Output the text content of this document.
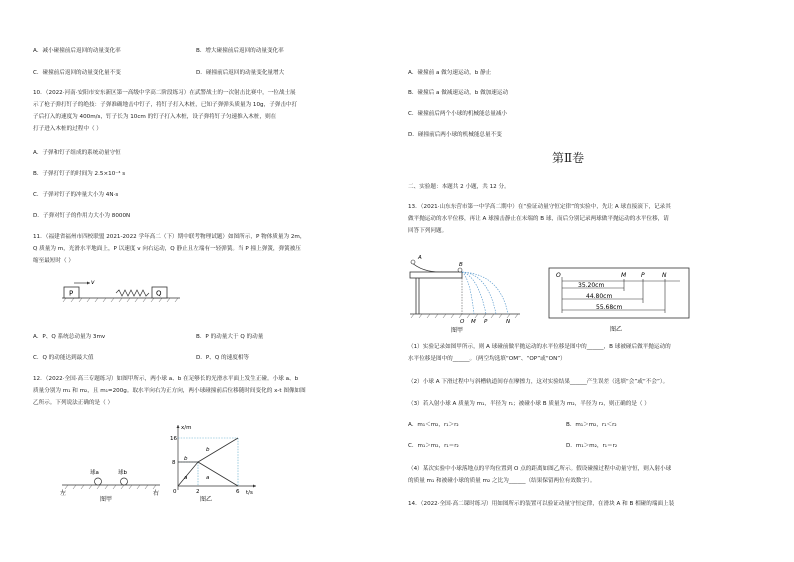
A．减小碰撞前后返回的动量变化率	B．增大碰撞前后返回的动量变化率
C．碰撞前后返回的动量变化量不变	D．碰撞前后返回的动量变化量增大
10．（2022·河南·安阳市安东新区第一高级中学高二阶段练习）在武警战士的一次射击比赛中，一位战士展
示了枪子弹打钉子的绝技：子弹准确地击中钉子，将钉子打入木桩，已知子弹弹头质量为 10g，子弹击中打
子后打入的速度为 400m/s，钉子长为 10cm 的钉子打入木桩，设子弹将钉子匀速推入木桩，则在
打子进入木桩的过程中（ ）
A．子弹和钉子组成的系统动量守恒
B．子弹打钉子的时间为 2.5×10⁻⁴ s
C．子弹对钉子的冲量大小为 4N·s
D．子弹对钉子的作用力大小为 8000N
11．（福建省福州市四校联盟 2021-2022 学年高二（下）期中联考物理试题）如图所示，P 物体质量为 2m，
Q 质量为 m，光滑水平地面上，P 以速度 v 向右运动，Q 静止且左端有一轻弹簧。当 P 撞上弹簧，弹簧被压
缩至最短时（ ）
P
v
Q
A．P、Q 系统总动量为 3mv	B．P 的动量大于 Q 的动量
C．Q 的动能达到最大值	D．P、Q 的速度相等
12．（2022·全国·高三专题练习）如图甲所示，两小球 a、b 在足够长的光滑水平面上发生正碰。小球 a、b
质量分别为 m₁ 和 m₂，且 m₁=200g。取水平向右为正方向，两小球碰撞前后位移随时间变化的 x-t 图像如图
乙所示。下列说法正确的是（ ）
球a	球b
左	右
图甲
x/m
t/s
16
8
0	2	6
a
b
a
b
图乙
A．碰撞前 a 做匀速运动，b 静止
B．碰撞后 a 做减速运动，b 做加速运动
C．碰撞前后两个小球的机械能总量减小
D．碰撞前后两小球的机械能总量不变
第Ⅱ卷
二、实验题：本题共 2 小题，共 12 分。
13．（2021·山东东营市第一中学高二期中）在“验证动量守恒定律”的实验中，先让 A 球直接滚下，记录其
做平抛运动的水平位移，再让 A 球撞击静止在末端的 B 球，而后分别记录两球做平抛运动的水平位移，请
回答下列问题。
A
B
O M P	N
图甲
O	M P	N
35.20cm
44.80cm
55.68cm
图乙
（1）实验记录如图甲所示，则 A 球碰前做平抛运动的水平位移是图中的______，B 球被碰后做平抛运动的
水平位移是图中的______。（两空均选填“OM”、“OP”或“ON”）
（2）小球 A 下滑过程中与斜槽轨道间存在摩擦力，这对实验结果______产生误差（选填“会”或“不会”）。
（3）若入射小球 A 质量为 m₁，半径为 r₁；被碰小球 B 质量为 m₂，半径为 r₂，则正确的是（ ）
A．m₁＜m₂，r₁＞r₂	B．m₁＞m₂，r₁＜r₂
C．m₁＞m₂，r₁＝r₂	D．m₁＞m₂，r₁＝r₂
（4）某次实验中小球落地点的平均位置到 O 点的距离如图乙所示。假设碰撞过程中动量守恒，则入射小球
的质量 m₁ 和被碰小球的质量 m₂ 之比为______（结果保留两位有效数字）。
14．（2022·全国·高二课时练习）用如图所示的装置可以验证动量守恒定律，在滑块 A 和 B 相碰的端面上装
